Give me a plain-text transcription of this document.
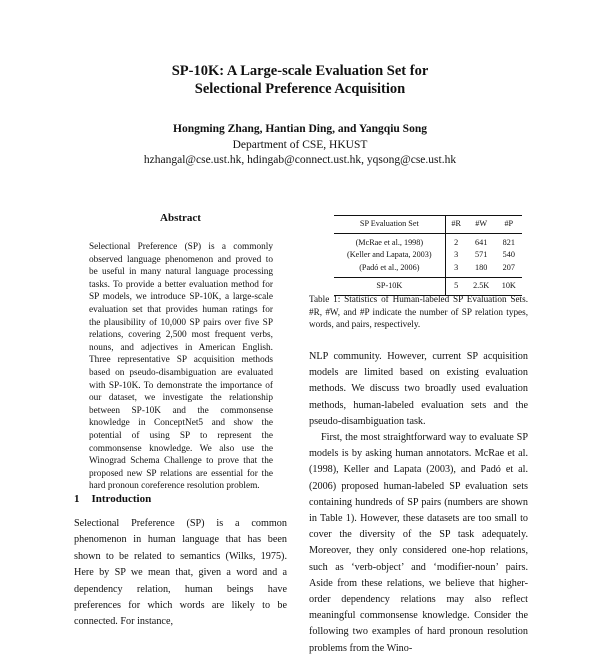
SP-10K: A Large-scale Evaluation Set for
Selectional Preference Acquisition
Hongming Zhang, Hantian Ding, and Yangqiu Song
Department of CSE, HKUST
hzhangal@cse.ust.hk, hdingab@connect.ust.hk, yqsong@cse.ust.hk
Abstract

Selectional Preference (SP) is a commonly observed language phenomenon and proved to be useful in many natural language processing tasks. To provide a better evaluation method for SP models, we introduce SP-10K, a large-scale evaluation set that provides human ratings for the plausibility of 10,000 SP pairs over five SP relations, covering 2,500 most frequent verbs, nouns, and adjectives in American English. Three representative SP acquisition methods based on pseudo-disambiguation are evaluated with SP-10K. To demonstrate the importance of our dataset, we investigate the relationship between SP-10K and the commonsense knowledge in ConceptNet5 and show the potential of using SP to represent the commonsense knowledge. We also use the Winograd Schema Challenge to prove that the proposed new SP relations are essential for the hard pronoun coreference resolution problem.

1 Introduction

Selectional Preference (SP) is a common phenomenon in human language that has been shown to be related to semantics (Wilks, 1975). Here by SP we mean that, given a word and a dependency relation, human beings have preferences for which words are likely to be connected. For instance,

SP Evaluation Set	#R	#W	#P
(McRae et al., 1998)	2	641	821
(Keller and Lapata, 2003)	3	571	540
(Padó et al., 2006)	3	180	207
SP-10K	5	2.5K	10K

Table 1: Statistics of Human-labeled SP Evaluation Sets. #R, #W, and #P indicate the number of SP relation types, words, and pairs, respectively.

NLP community. However, current SP acquisition models are limited based on existing evaluation methods. We discuss two broadly used evaluation methods, human-labeled evaluation sets and the pseudo-disambiguation task.

First, the most straightforward way to evaluate SP models is by asking human annotators. McRae et al. (1998), Keller and Lapata (2003), and Padó et al. (2006) proposed human-labeled SP evaluation sets containing hundreds of SP pairs (numbers are shown in Table 1). However, these datasets are too small to cover the diversity of the SP task adequately. Moreover, they only considered one-hop relations, such as ‘verb-object’ and ‘modifier-noun’ pairs. Aside from these relations, we believe that higher-order dependency relations may also reflect meaningful commonsense knowledge. Consider the following two examples of hard pronoun resolution problems from the Wino-
